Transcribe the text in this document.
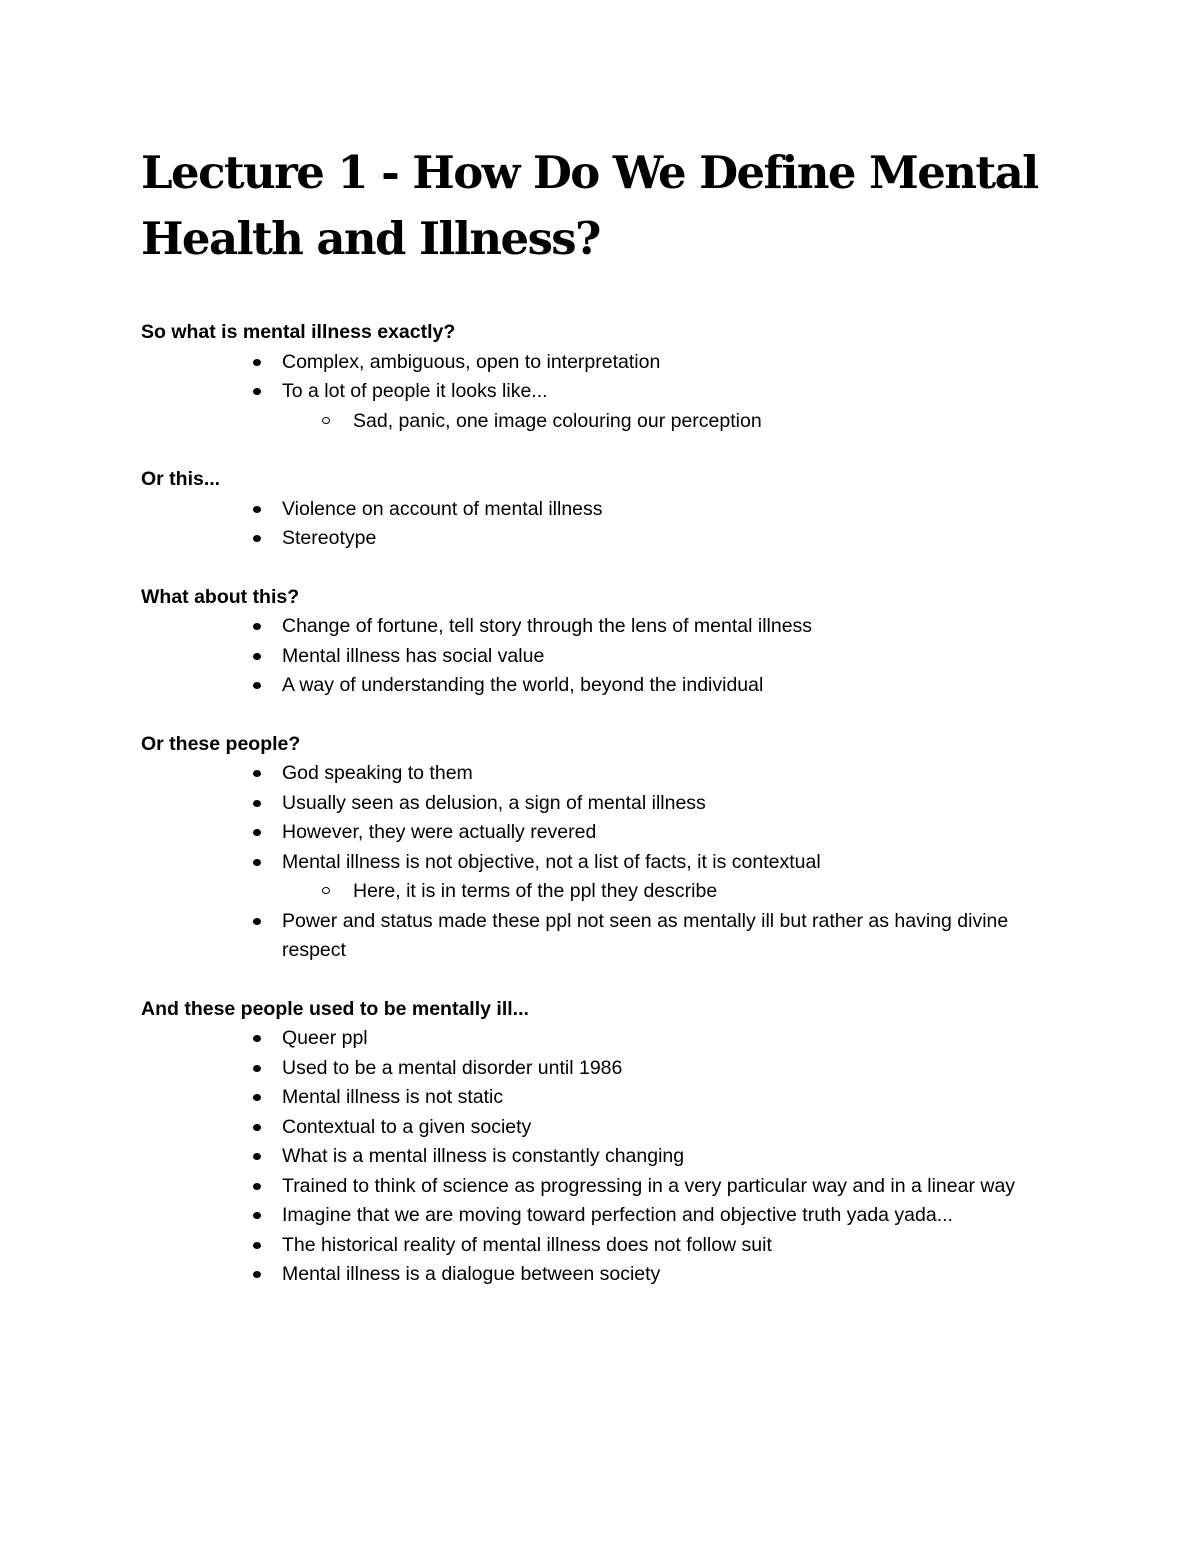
Lecture 1 - How Do We Define Mental Health and Illness?
So what is mental illness exactly?
Complex, ambiguous, open to interpretation
To a lot of people it looks like...
Sad, panic, one image colouring our perception
Or this...
Violence on account of mental illness
Stereotype
What about this?
Change of fortune, tell story through the lens of mental illness
Mental illness has social value
A way of understanding the world, beyond the individual
Or these people?
God speaking to them
Usually seen as delusion, a sign of mental illness
However, they were actually revered
Mental illness is not objective, not a list of facts, it is contextual
Here, it is in terms of the ppl they describe
Power and status made these ppl not seen as mentally ill but rather as having divine respect
And these people used to be mentally ill...
Queer ppl
Used to be a mental disorder until 1986
Mental illness is not static
Contextual to a given society
What is a mental illness is constantly changing
Trained to think of science as progressing in a very particular way and in a linear way
Imagine that we are moving toward perfection and objective truth yada yada...
The historical reality of mental illness does not follow suit
Mental illness is a dialogue between society
